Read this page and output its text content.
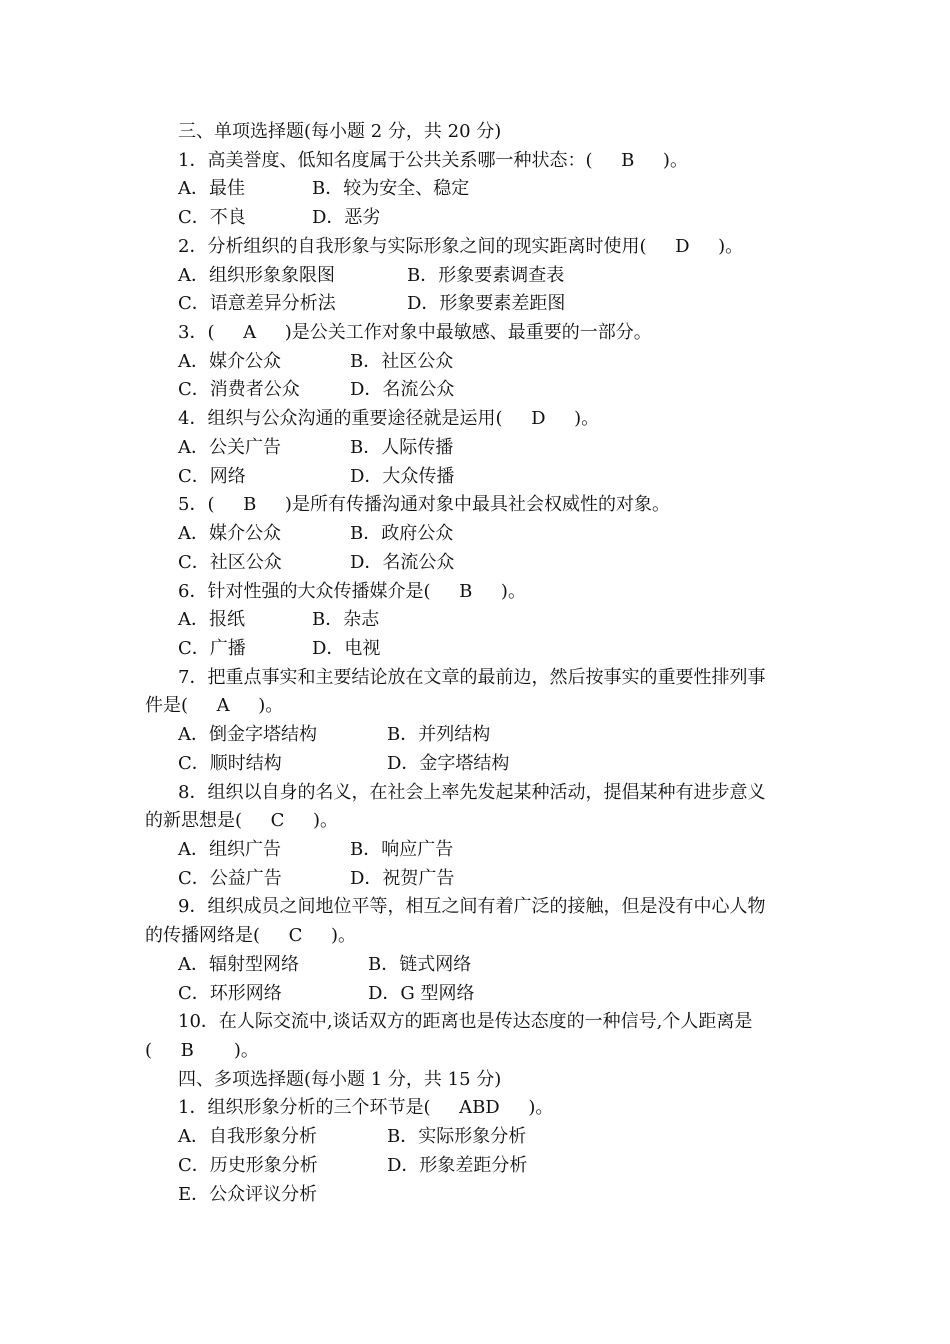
三、单项选择题(每小题 2 分，共 20 分)
1．高美誉度、低知名度属于公共关系哪一种状态：(     B     )。
A．最佳	B．较为安全、稳定
C．不良	D．恶劣
2．分析组织的自我形象与实际形象之间的现实距离时使用(     D     )。
A．组织形象象限图	B．形象要素调查表
C．语意差异分析法	D．形象要素差距图
3．(     A     )是公关工作对象中最敏感、最重要的一部分。
A．媒介公众	B．社区公众
C．消费者公众	D．名流公众
4．组织与公众沟通的重要途径就是运用(     D     )。
A．公关广告	B．人际传播
C．网络	D．大众传播
5．(     B     )是所有传播沟通对象中最具社会权威性的对象。
A．媒介公众	B．政府公众
C．社区公众	D．名流公众
6．针对性强的大众传播媒介是(     B     )。
A．报纸	B．杂志
C．广播	D．电视
7．把重点事实和主要结论放在文章的最前边，然后按事实的重要性排列事
件是(     A     )。
A．倒金字塔结构	B．并列结构
C．顺时结构	D．金字塔结构
8．组织以自身的名义，在社会上率先发起某种活动，提倡某种有进步意义
的新思想是(     C     )。
A．组织广告	B．响应广告
C．公益广告	D．祝贺广告
9．组织成员之间地位平等，相互之间有着广泛的接触，但是没有中心人物
的传播网络是(     C     )。
A．辐射型网络	B．链式网络
C．环形网络	D．G 型网络
10．在人际交流中,谈话双方的距离也是传达态度的一种信号,个人距离是
(     B       )。
四、多项选择题(每小题 1 分，共 15 分)
1．组织形象分析的三个环节是(     ABD     )。
A．自我形象分析	B．实际形象分析
C．历史形象分析	D．形象差距分析
E．公众评议分析
